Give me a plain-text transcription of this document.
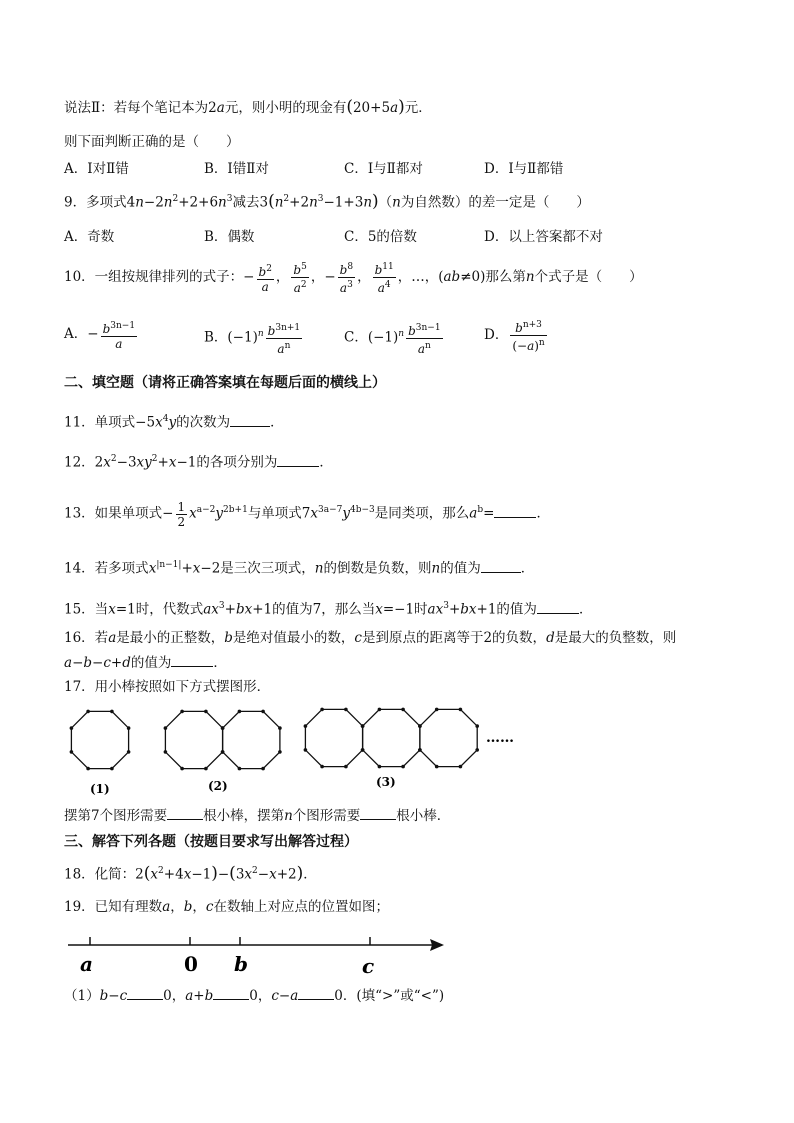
说法Ⅱ：若每个笔记本为2a元，则小明的现金有(20+5a)元．
则下面判断正确的是（　　）
A．Ⅰ对Ⅱ错	B．Ⅰ错Ⅱ对	C．Ⅰ与Ⅱ都对	D．Ⅰ与Ⅱ都错
9．多项式$4n-2n^2+2+6n^3$减去$3(n^2+2n^3-1+3n)(n$为自然数）的差一定是（　　）
A．奇数	B．偶数	C．5的倍数	D．以上答案都不对
10．一组按规律排列的式子：− $\frac{b^2}{a}$ ， $\frac{b^5}{a^2}$ ，− $\frac{b^8}{a^3}$ ， $\frac{b^{11}}{a^4}$ ，…，(ab≠0)那么第n个式子是（　　）
A．− $\frac{b^{3n-1}}{a}$	B．$(-1)^n \frac{b^{3n+1}}{a^n}$	C．$(-1)^n \frac{b^{3n-1}}{a^n}$	D． $\frac{b^{n+3}}{(-a)^n}$
二、填空题（请将正确答案填在每题后面的横线上）
11．单项式$-5x^4y$的次数为	．
12．$2x^2-3xy^2+x-1$的各项分别为	．
13．如果单项式− $\frac{1}{2} x^{a-2}y^{2b+1}$与单项式$7x^{3a-7}y^{4b-3}$是同类项，那么$a^b=$	．
14．若多项式$x^{|n-1|}+x-2$是三次三项式，n的倒数是负数，则n的值为	．
15．当x=1时，代数式$ax^3+bx+1$的值为7，那么当x=−1时$ax^3+bx+1$的值为	．
16．若a是最小的正整数，b是绝对值最小的数，c是到原点的距离等于2的负数，d是最大的负整数，则
a−b−c+d的值为	．
17．用小棒按照如下方式摆图形．
(1)	(2)	(3)
……
摆第7个图形需要	根小棒，摆第n个图形需要	根小棒．
三、解答下列各题（按题目要求写出解答过程）
18．化简：$2(x^2+4x-1)-(3x^2-x+2)$．
19．已知有理数a，b，c在数轴上对应点的位置如图；
a	0 b	c
（1）b−c	0，a+b	0，c−a	0．(填“>”或“<”)
